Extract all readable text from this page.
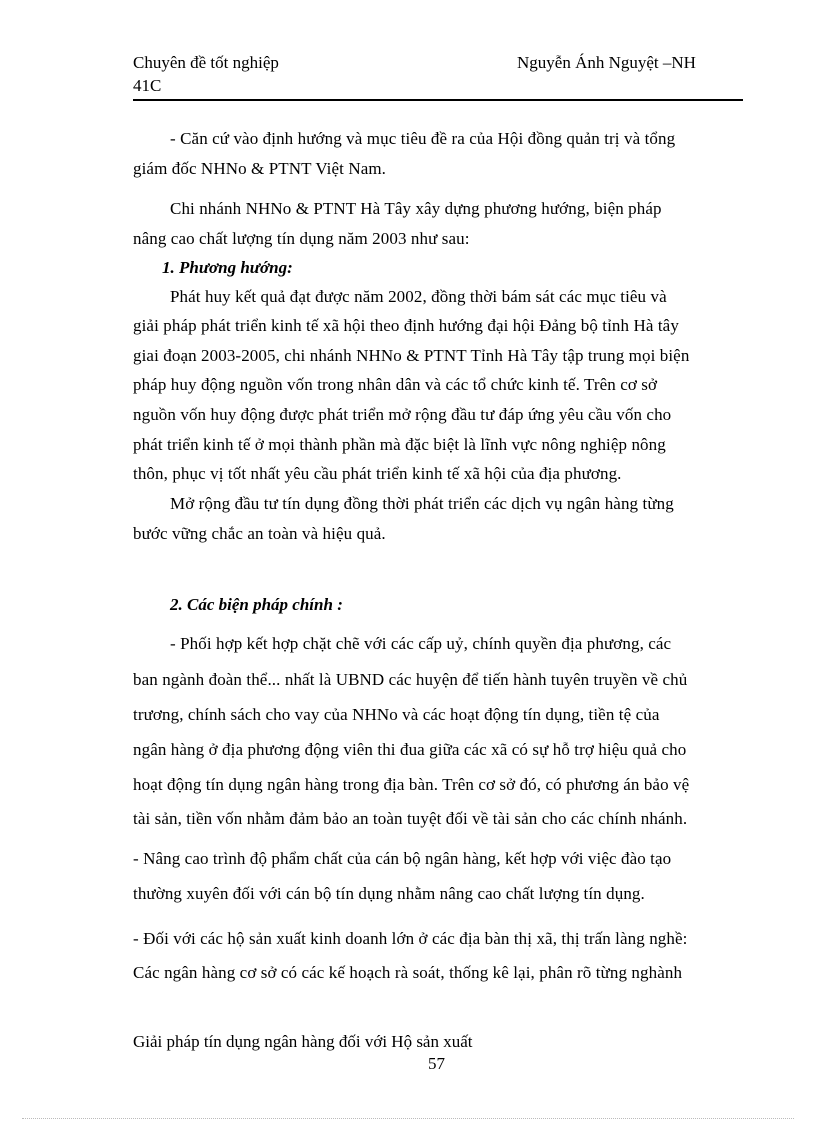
Chuyên đề tốt nghiệp	Nguyễn Ánh Nguyệt –NH
41C
- Căn cứ vào định hướng và mục tiêu đề ra của Hội đồng quản trị và tổng
giám đốc NHNo & PTNT Việt Nam.
Chi nhánh NHNo & PTNT Hà Tây xây dựng phương hướng, biện pháp
nâng cao chất lượng tín dụng năm 2003 như sau:
1. Phương hướng:
Phát huy kết quả đạt được năm 2002, đồng thời bám sát các mục tiêu và
giải pháp phát triển kinh tế xã hội theo định hướng đại hội Đảng bộ tỉnh Hà tây
giai đoạn 2003-2005, chi nhánh NHNo & PTNT Tỉnh Hà Tây tập trung mọi biện
pháp huy động nguồn vốn trong nhân dân và các tổ chức kinh tế. Trên cơ sở
nguồn vốn huy động được phát triển mở rộng đầu tư đáp ứng yêu cầu vốn cho
phát triển kinh tế ở mọi thành phần mà đặc biệt là lĩnh vực nông nghiệp nông
thôn, phục vị tốt nhất yêu cầu phát triển kinh tế xã hội của địa phương.
Mở rộng đầu tư tín dụng đồng thời phát triển các dịch vụ ngân hàng từng
bước vững chắc an toàn và hiệu quả.
2. Các biện pháp chính :
- Phối hợp kết hợp chặt chẽ với các cấp uỷ, chính quyền địa phương, các
ban ngành đoàn thể... nhất là UBND các huyện để tiến hành tuyên truyền về chủ
trương, chính sách cho vay của NHNo và các hoạt động tín dụng, tiền tệ của
ngân hàng ở địa phương động viên thi đua giữa các xã có sự hỗ trợ hiệu quả cho
hoạt động tín dụng ngân hàng trong địa bàn. Trên cơ sở đó, có phương án bảo vệ
tài sản, tiền vốn nhằm đảm bảo an toàn tuyệt đối về tài sản cho các chính nhánh.
- Nâng cao trình độ phẩm chất của cán bộ ngân hàng, kết hợp với việc đào tạo
thường xuyên đối với cán bộ tín dụng nhằm nâng cao chất lượng tín dụng.
- Đối với các hộ sản xuất kinh doanh lớn ở các địa bàn thị xã, thị trấn làng nghề:
Các ngân hàng cơ sở có các kế hoạch rà soát, thống kê lại, phân rõ từng nghành
Giải pháp tín dụng ngân hàng đối với Hộ sản xuất
57
